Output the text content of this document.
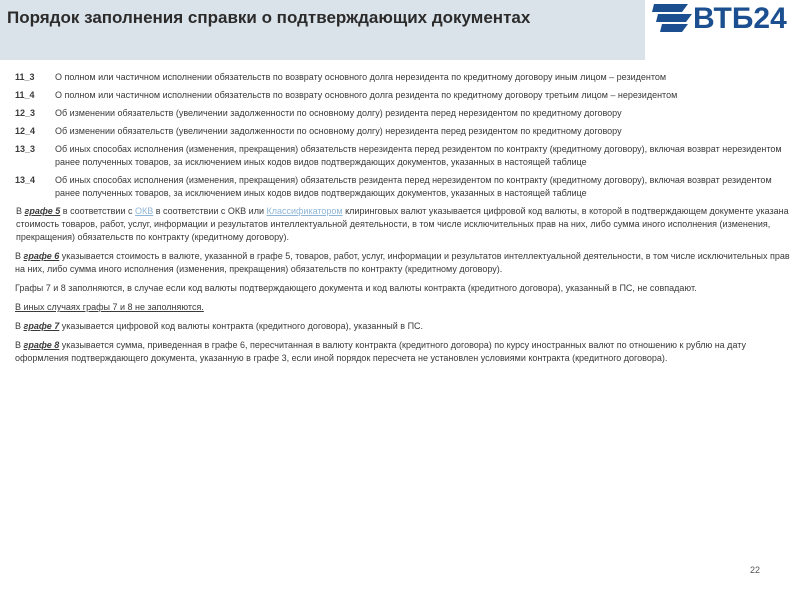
Порядок заполнения справки о подтверждающих документах	ВТБ24
11_3	О полном или частичном исполнении обязательств по возврату основного долга нерезидента по кредитному договору иным лицом – резидентом
11_4	О полном или частичном исполнении обязательств по возврату основного долга резидента по кредитному договору третьим лицом – нерезидентом
12_3	Об изменении обязательств (увеличении задолженности по основному долгу) резидента перед нерезидентом по кредитному договору
12_4	Об изменении обязательств (увеличении задолженности по основному долгу) нерезидента перед резидентом по кредитному договору
13_3	Об иных способах исполнения (изменения, прекращения) обязательств нерезидента перед резидентом по контракту (кредитному договору), включая возврат нерезидентом ранее полученных товаров, за исключением иных кодов видов подтверждающих документов, указанных в настоящей таблице
13_4	Об иных способах исполнения (изменения, прекращения) обязательств резидента перед нерезидентом по контракту (кредитному договору), включая возврат резидентом ранее полученных товаров, за исключением иных кодов видов подтверждающих документов, указанных в настоящей таблице
В графе 5 в соответствии с ОКВ в соответствии с ОКВ или Классификатором клиринговых валют указывается цифровой код валюты, в которой в подтверждающем документе указана стоимость товаров, работ, услуг, информации и результатов интеллектуальной деятельности, в том числе исключительных прав на них, либо сумма иного исполнения (изменения, прекращения) обязательств по контракту (кредитному договору).
В графе 6 указывается стоимость в валюте, указанной в графе 5, товаров, работ, услуг, информации и результатов интеллектуальной деятельности, в том числе исключительных прав на них, либо сумма иного исполнения (изменения, прекращения) обязательств по контракту (кредитному договору).
Графы 7 и 8 заполняются, в случае если код валюты подтверждающего документа и код валюты контракта (кредитного договора), указанный в ПС, не совпадают.
В иных случаях графы 7 и 8 не заполняются.
В графе 7 указывается цифровой код валюты контракта (кредитного договора), указанный в ПС.
В графе 8 указывается сумма, приведенная в графе 6, пересчитанная в валюту контракта (кредитного договора) по курсу иностранных валют по отношению к рублю на дату оформления подтверждающего документа, указанную в графе 3, если иной порядок пересчета не установлен условиями контракта (кредитного договора).
22
